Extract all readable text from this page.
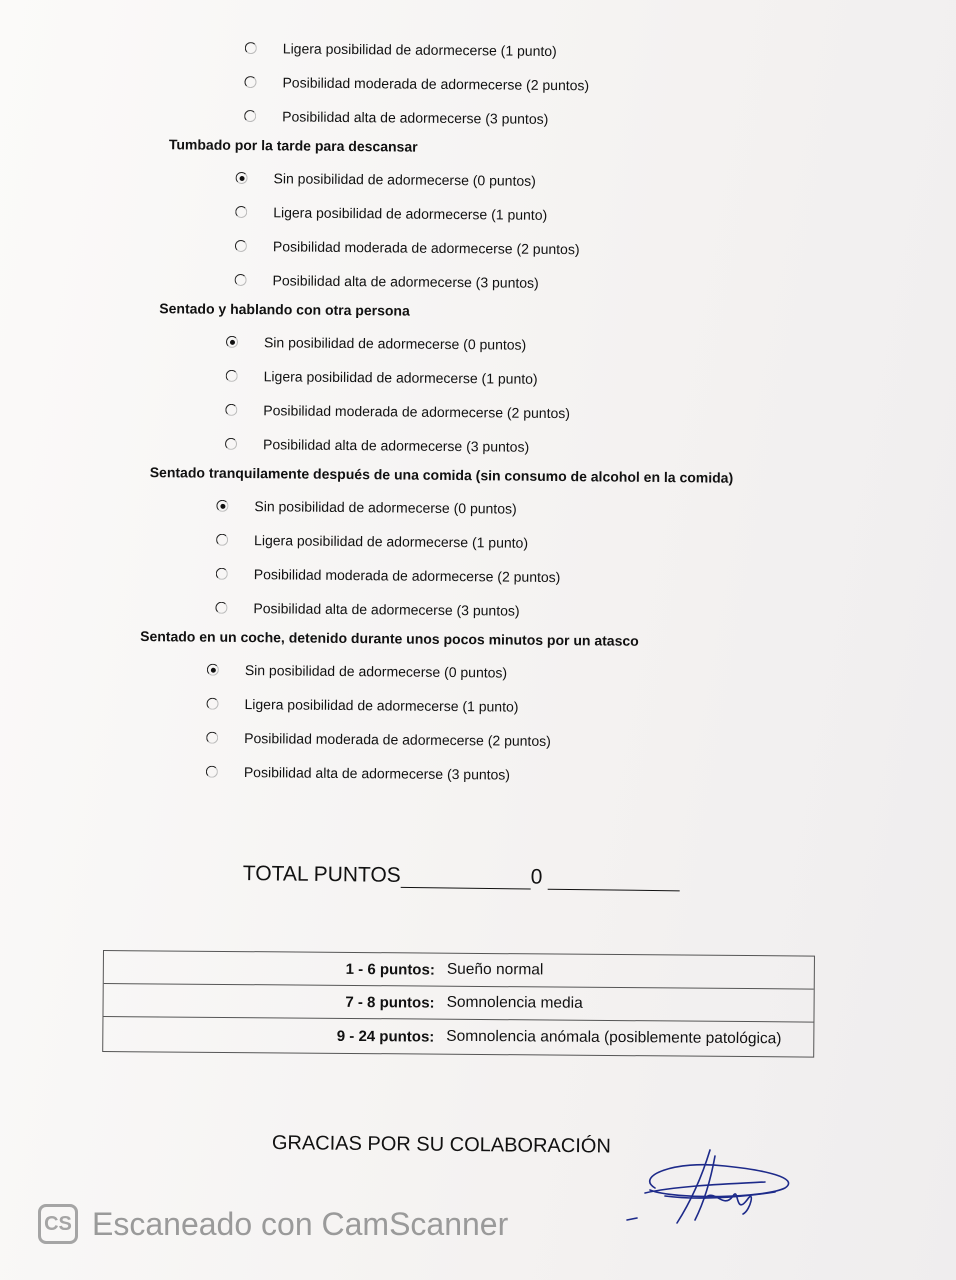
Ligera posibilidad de adormecerse (1 punto)
Posibilidad moderada de adormecerse (2 puntos)
Posibilidad alta de adormecerse (3 puntos)
Tumbado por la tarde para descansar
Sin posibilidad de adormecerse (0 puntos)
Ligera posibilidad de adormecerse (1 punto)
Posibilidad moderada de adormecerse (2 puntos)
Posibilidad alta de adormecerse (3 puntos)
Sentado y hablando con otra persona
Sin posibilidad de adormecerse (0 puntos)
Ligera posibilidad de adormecerse (1 punto)
Posibilidad moderada de adormecerse (2 puntos)
Posibilidad alta de adormecerse (3 puntos)
Sentado tranquilamente después de una comida (sin consumo de alcohol en la comida)
Sin posibilidad de adormecerse (0 puntos)
Ligera posibilidad de adormecerse (1 punto)
Posibilidad moderada de adormecerse (2 puntos)
Posibilidad alta de adormecerse (3 puntos)
Sentado en un coche, detenido durante unos pocos minutos por un atasco
Sin posibilidad de adormecerse (0 puntos)
Ligera posibilidad de adormecerse (1 punto)
Posibilidad moderada de adormecerse (2 puntos)
Posibilidad alta de adormecerse (3 puntos)
TOTAL PUNTOS	0
1 - 6 puntos: Sueño normal
7 - 8 puntos: Somnolencia media
9 - 24 puntos: Somnolencia anómala (posiblemente patológica)
GRACIAS POR SU COLABORACIÓN
CS Escaneado con CamScanner
